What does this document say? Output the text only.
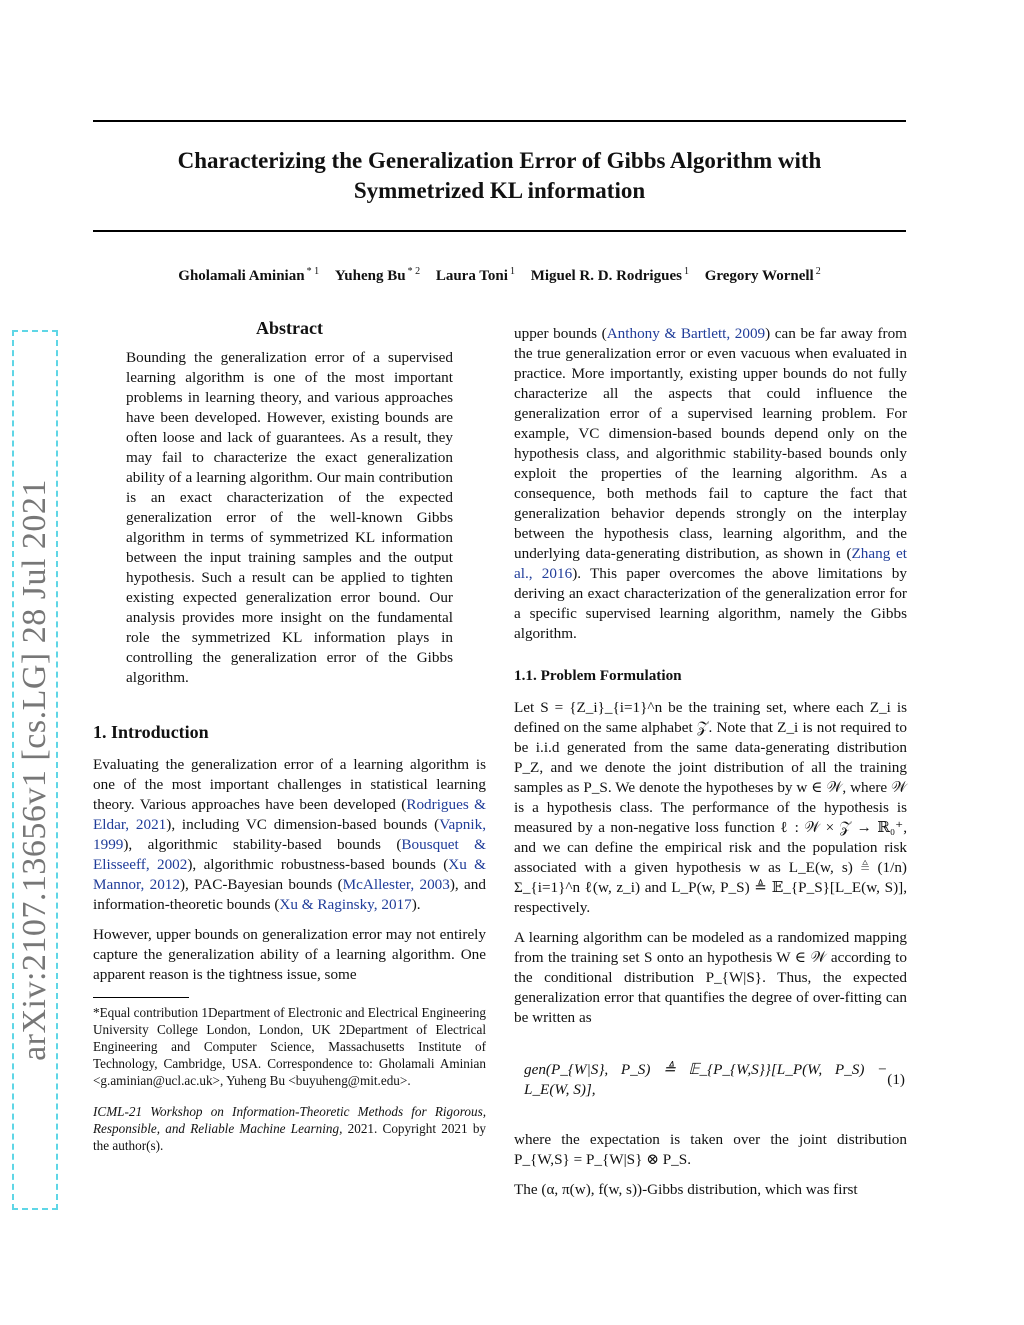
Characterizing the Generalization Error of Gibbs Algorithm with
Symmetrized KL information
Gholamali Aminian $^{* 1}$ Yuheng Bu $^{* 2}$ Laura Toni $^1$ Miguel R. D. Rodrigues $^1$ Gregory Wornell $^2$
arXiv:2107.13656v1 [cs.LG] 28 Jul 2021
Abstract

Bounding the generalization error of a supervised learning algorithm is one of the most important problems in learning theory, and various approaches have been developed. However, existing bounds are often loose and lack of guarantees. As a result, they may fail to characterize the exact generalization ability of a learning algorithm. Our main contribution is an exact characterization of the expected generalization error of the well-known Gibbs algorithm in terms of symmetrized KL information between the input training samples and the output hypothesis. Such a result can be applied to tighten existing expected generalization error bound. Our analysis provides more insight on the fundamental role the symmetrized KL information plays in controlling the generalization error of the Gibbs algorithm.

1. Introduction

Evaluating the generalization error of a learning algorithm is one of the most important challenges in statistical learning theory. Various approaches have been developed (Rodrigues & Eldar, 2021), including VC dimension-based bounds (Vapnik, 1999), algorithmic stability-based bounds (Bousquet & Elisseeff, 2002), algorithmic robustness-based bounds (Xu & Mannor, 2012), PAC-Bayesian bounds (McAllester, 2003), and information-theoretic bounds (Xu & Raginsky, 2017).

However, upper bounds on generalization error may not entirely capture the generalization ability of a learning algorithm. One apparent reason is the tightness issue, some

*Equal contribution 1Department of Electronic and Electrical Engineering University College London, London, UK 2Department of Electrical Engineering and Computer Science, Massachusetts Institute of Technology, Cambridge, USA. Correspondence to: Gholamali Aminian <g.aminian@ucl.ac.uk>, Yuheng Bu <buyuheng@mit.edu>.

ICML-21 Workshop on Information-Theoretic Methods for Rigorous, Responsible, and Reliable Machine Learning, 2021. Copyright 2021 by the author(s).

upper bounds (Anthony & Bartlett, 2009) can be far away from the true generalization error or even vacuous when evaluated in practice. More importantly, existing upper bounds do not fully characterize all the aspects that could influence the generalization error of a supervised learning problem. For example, VC dimension-based bounds depend only on the hypothesis class, and algorithmic stability-based bounds only exploit the properties of the learning algorithm. As a consequence, both methods fail to capture the fact that generalization behavior depends strongly on the interplay between the hypothesis class, learning algorithm, and the underlying data-generating distribution, as shown in (Zhang et al., 2016). This paper overcomes the above limitations by deriving an exact characterization of the generalization error for a specific supervised learning algorithm, namely the Gibbs algorithm.

1.1. Problem Formulation

Let S = {Z_i}_{i=1}^n be the training set, where each Z_i is defined on the same alphabet 𝒵. Note that Z_i is not required to be i.i.d generated from the same data-generating distribution P_Z, and we denote the joint distribution of all the training samples as P_S. We denote the hypotheses by w ∈ 𝒲, where 𝒲 is a hypothesis class. The performance of the hypothesis is measured by a non-negative loss function ℓ : 𝒲 × 𝒵 → ℝ₀⁺, and we can define the empirical risk and the population risk associated with a given hypothesis w as L_E(w, s) ≜ (1/n) Σ_{i=1}^n ℓ(w, z_i) and L_P(w, P_S) ≜ 𝔼_{P_S}[L_E(w, S)], respectively.

A learning algorithm can be modeled as a randomized mapping from the training set S onto an hypothesis W ∈ 𝒲 according to the conditional distribution P_{W|S}. Thus, the expected generalization error that quantifies the degree of over-fitting can be written as

gen(P_{W|S}, P_S) ≜ 𝔼_{P_{W,S}}[L_P(W, P_S) − L_E(W, S)],
(1)

where the expectation is taken over the joint distribution P_{W,S} = P_{W|S} ⊗ P_S.

The (α, π(w), f(w, s))-Gibbs distribution, which was first
